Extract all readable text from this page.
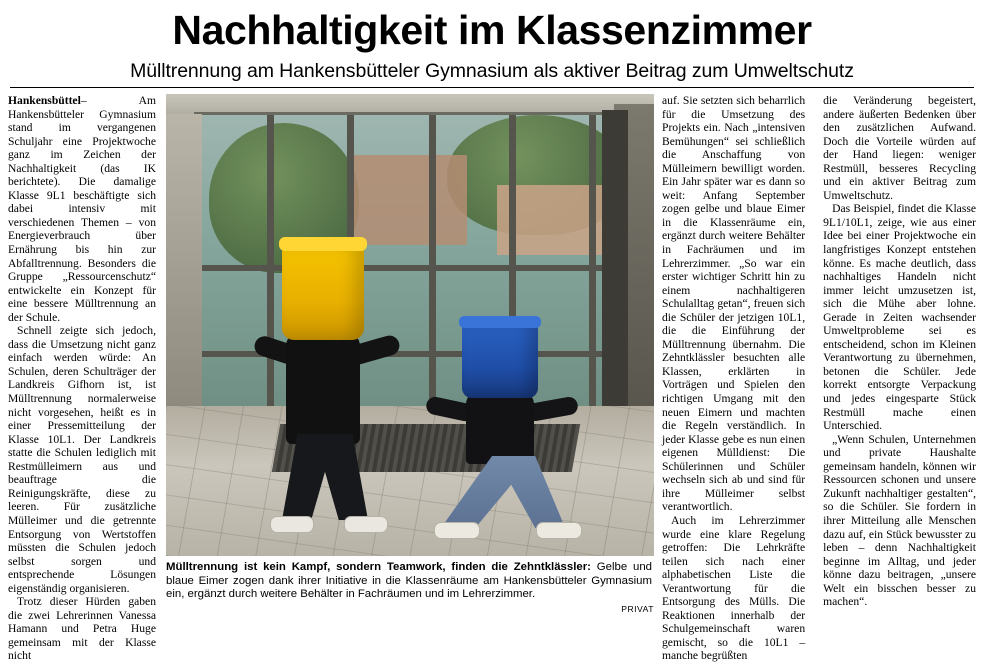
Nachhaltigkeit im Klassenzimmer
Mülltrennung am Hankensbütteler Gymnasium als aktiver Beitrag zum Umweltschutz

Hankensbüttel– Am Hankensbütteler Gymnasium stand im vergangenen Schuljahr eine Projektwoche ganz im Zeichen der Nachhaltigkeit (das IK berichtete). Die damalige Klasse 9L1 beschäftigte sich dabei intensiv mit verschiedenen Themen – von Energieverbrauch über Ernährung bis hin zur Abfalltrennung. Besonders die Gruppe „Ressourcenschutz“ entwickelte ein Konzept für eine bessere Mülltrennung an der Schule.

Schnell zeigte sich jedoch, dass die Umsetzung nicht ganz einfach werden würde: An Schulen, deren Schulträger der Landkreis Gifhorn ist, ist Mülltrennung normalerweise nicht vorgesehen, heißt es in einer Pressemitteilung der Klasse 10L1. Der Landkreis statte die Schulen lediglich mit Restmülleimern aus und beauftrage die Reinigungskräfte, diese zu leeren. Für zusätzliche Mülleimer und die getrennte Entsorgung von Wertstoffen müssten die Schulen jedoch selbst sorgen und entsprechende Lösungen eigenständig organisieren.

Trotz dieser Hürden gaben die zwei Lehrerinnen Vanessa Hamann und Petra Huge gemeinsam mit der Klasse nicht

Mülltrennung ist kein Kampf, sondern Teamwork, finden die Zehntklässler: Gelbe und blaue Eimer zogen dank ihrer Initiative in die Klassenräume am Hankensbütteler Gymnasium ein, ergänzt durch weitere Behälter in Fachräumen und im Lehrerzimmer.
PRIVAT

auf. Sie setzten sich beharrlich für die Umsetzung des Projekts ein. Nach „intensiven Bemühungen“ sei schließlich die Anschaffung von Mülleimern bewilligt worden. Ein Jahr später war es dann so weit: Anfang September zogen gelbe und blaue Eimer in die Klassenräume ein, ergänzt durch weitere Behälter in Fachräumen und im Lehrerzimmer. „So war ein erster wichtiger Schritt hin zu einem nachhaltigeren Schulalltag getan“, freuen sich die Schüler der jetzigen 10L1, die die Einführung der Mülltrennung übernahm. Die Zehntklässler besuchten alle Klassen, erklärten in Vorträgen und Spielen den richtigen Umgang mit den neuen Eimern und machten die Regeln verständlich. In jeder Klasse gebe es nun einen eigenen Mülldienst: Die Schülerinnen und Schüler wechseln sich ab und sind für ihre Mülleimer selbst verantwortlich.

Auch im Lehrerzimmer wurde eine klare Regelung getroffen: Die Lehrkräfte teilen sich nach einer alphabetischen Liste die Verantwortung für die Entsorgung des Mülls. Die Reaktionen innerhalb der Schulgemeinschaft waren gemischt, so die 10L1 – manche begrüßten

die Veränderung begeistert, andere äußerten Bedenken über den zusätzlichen Aufwand. Doch die Vorteile würden auf der Hand liegen: weniger Restmüll, besseres Recycling und ein aktiver Beitrag zum Umweltschutz.

Das Beispiel, findet die Klasse 9L1/10L1, zeige, wie aus einer Idee bei einer Projektwoche ein langfristiges Konzept entstehen könne. Es mache deutlich, dass nachhaltiges Handeln nicht immer leicht umzusetzen ist, sich die Mühe aber lohne. Gerade in Zeiten wachsender Umweltprobleme sei es entscheidend, schon im Kleinen Verantwortung zu übernehmen, betonen die Schüler. Jede korrekt entsorgte Verpackung und jedes eingesparte Stück Restmüll mache einen Unterschied.

„Wenn Schulen, Unternehmen und private Haushalte gemeinsam handeln, können wir Ressourcen schonen und unsere Zukunft nachhaltiger gestalten“, so die Schüler. Sie fordern in ihrer Mitteilung alle Menschen dazu auf, ein Stück bewusster zu leben – denn Nachhaltigkeit beginne im Alltag, und jeder könne dazu beitragen, „unsere Welt ein bisschen besser zu machen“.
